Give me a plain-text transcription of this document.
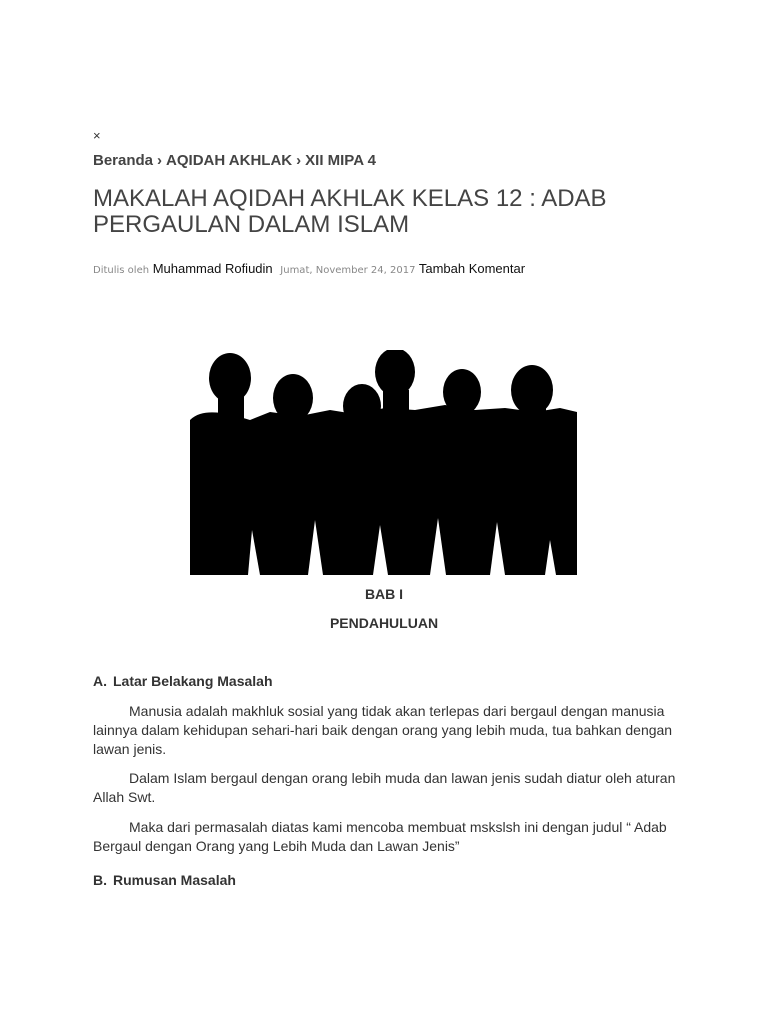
×
Beranda › AQIDAH AKHLAK › XII MIPA 4
MAKALAH AQIDAH AKHLAK KELAS 12 : ADAB PERGAULAN DALAM ISLAM
Ditulis oleh Muhammad Rofiudin Jumat, November 24, 2017 Tambah Komentar
BAB I
PENDAHULUAN
A. Latar Belakang Masalah

Manusia adalah makhluk sosial yang tidak akan terlepas dari bergaul dengan manusia lainnya dalam kehidupan sehari-hari baik dengan orang yang lebih muda, tua bahkan dengan lawan jenis.

Dalam Islam bergaul dengan orang lebih muda dan lawan jenis sudah diatur oleh aturan Allah Swt.

Maka dari permasalah diatas kami mencoba membuat mskslsh ini dengan judul “ Adab Bergaul dengan Orang yang Lebih Muda dan Lawan Jenis”

B. Rumusan Masalah
